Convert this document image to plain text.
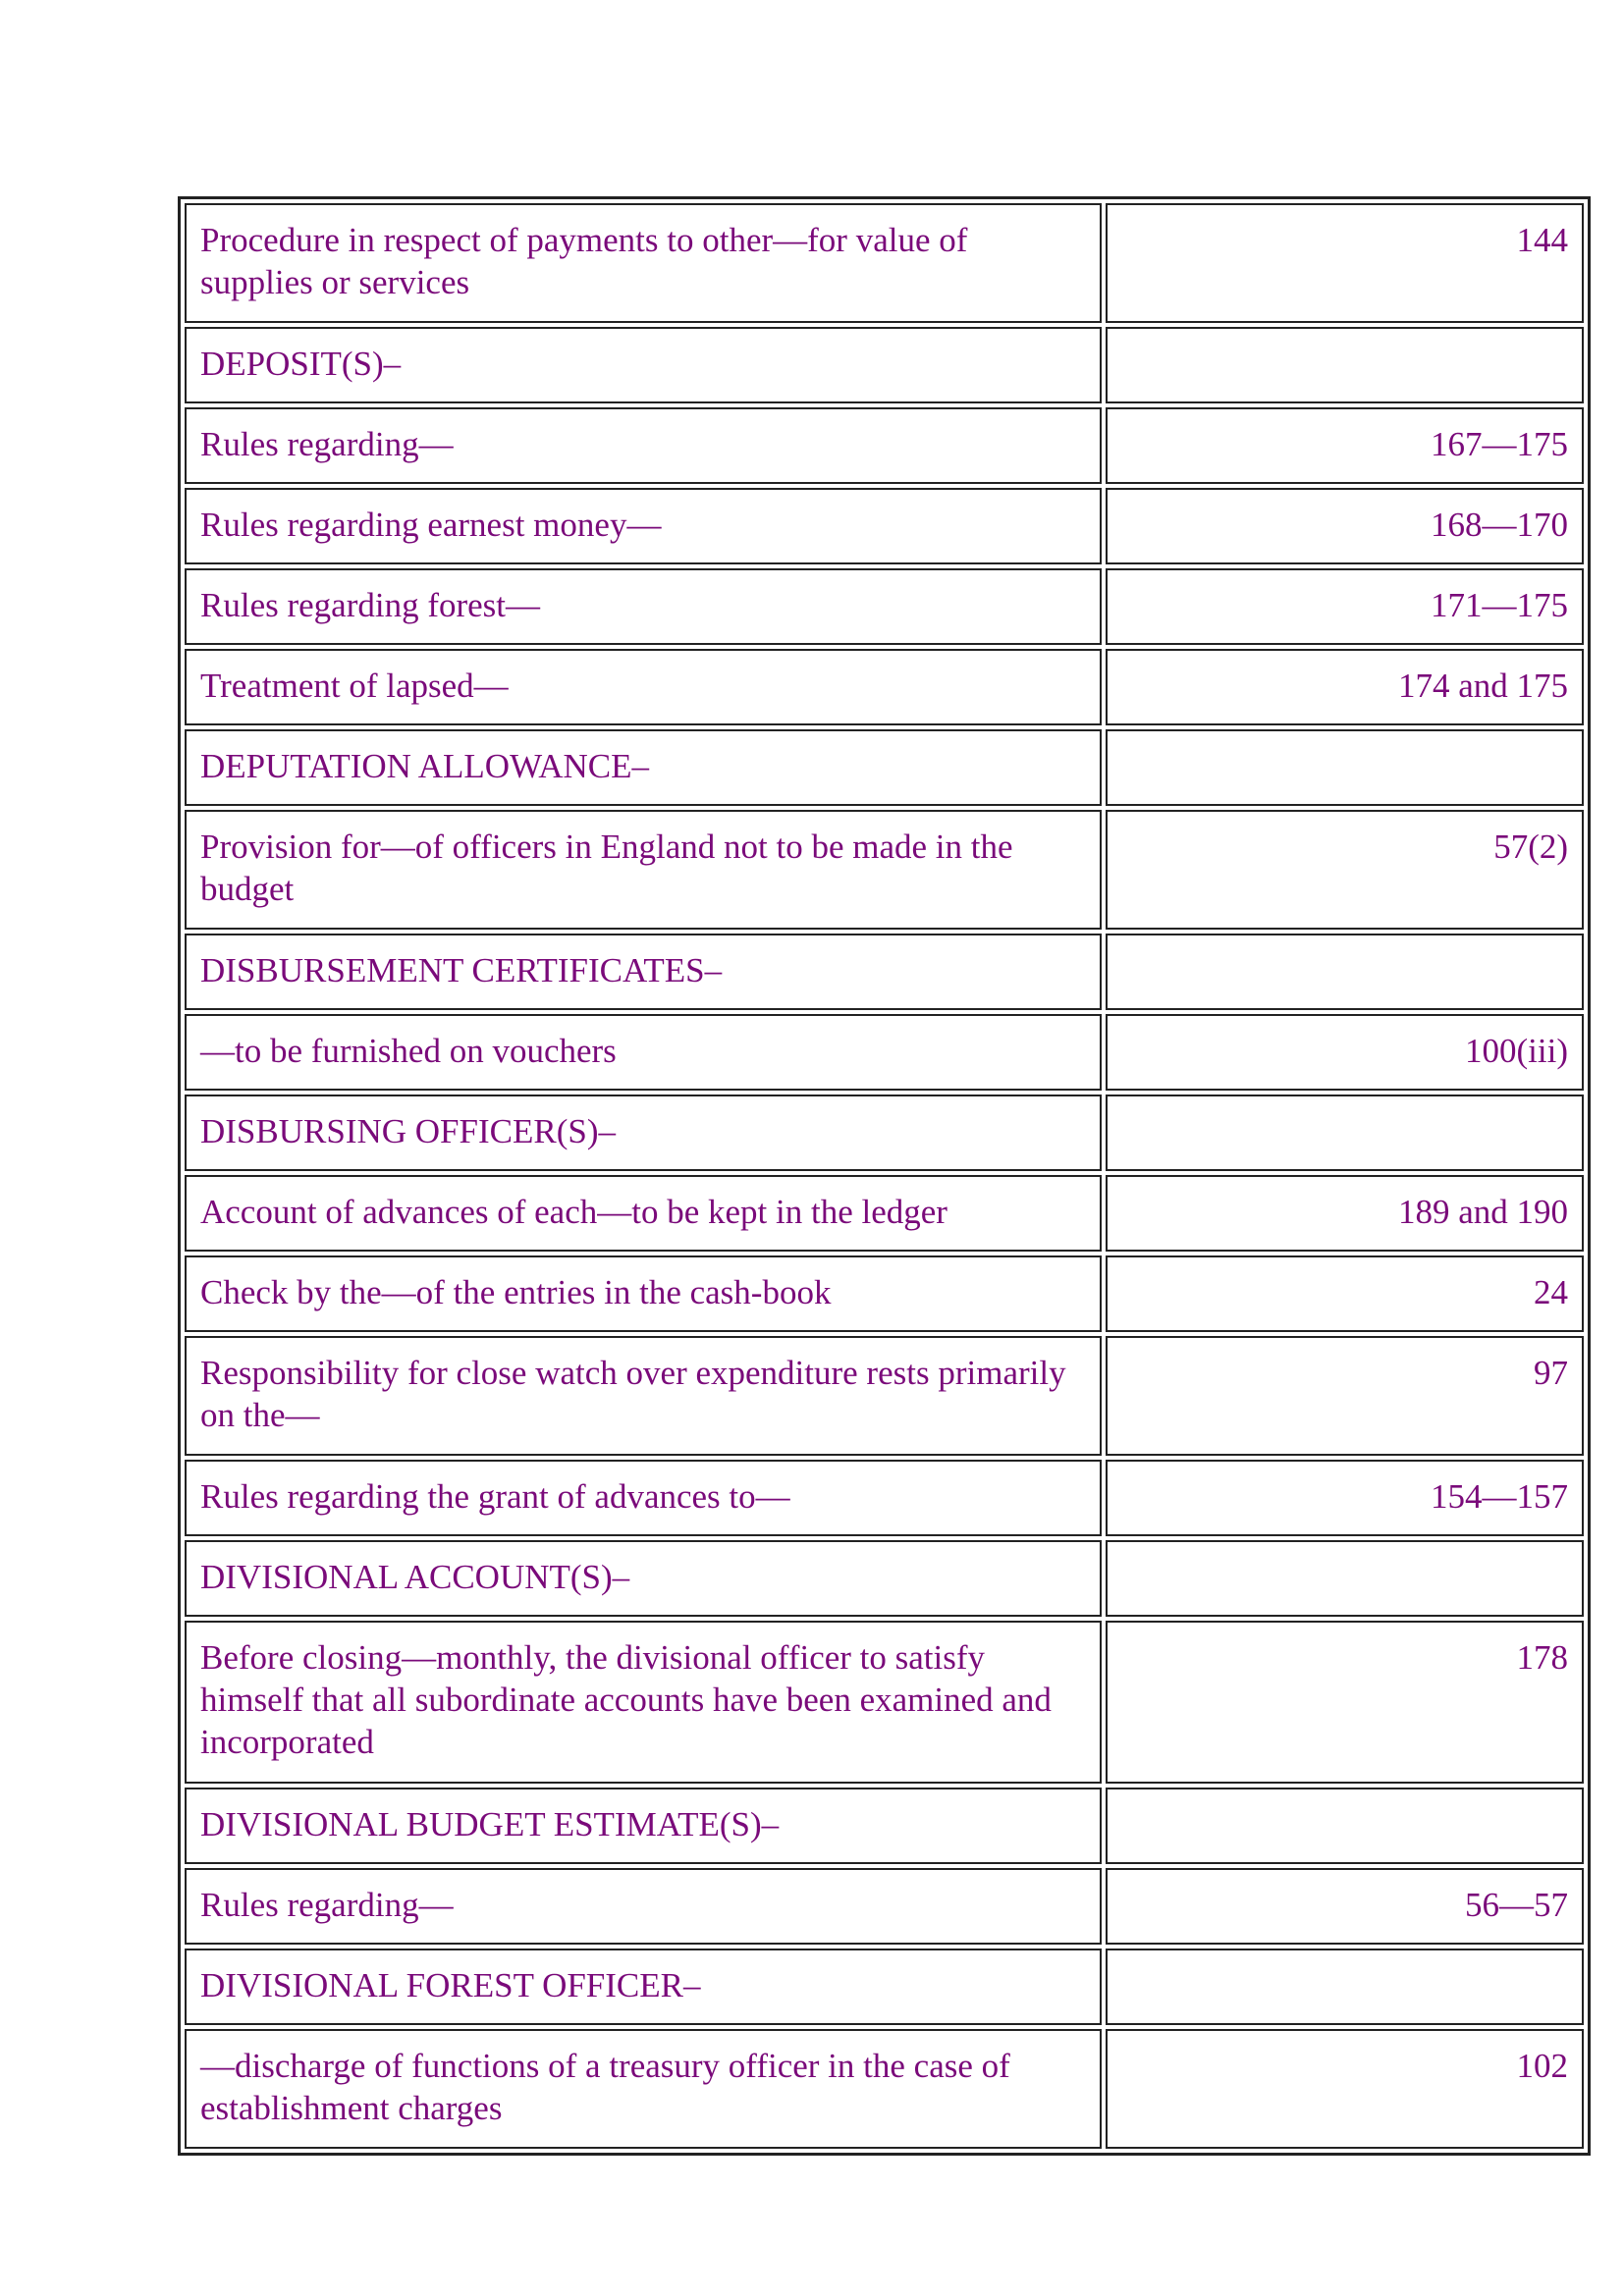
Procedure in respect of payments to other—for value of supplies or services	144
DEPOSIT(S)–	
Rules regarding—	167—175
Rules regarding earnest money—	168—170
Rules regarding forest—	171—175
Treatment of lapsed—	174 and 175
DEPUTATION ALLOWANCE–	
Provision for—of officers in England not to be made in the budget	57(2)
DISBURSEMENT CERTIFICATES–	
—to be furnished on vouchers	100(iii)
DISBURSING OFFICER(S)–	
Account of advances of each—to be kept in the ledger	189 and 190
Check by the—of the entries in the cash-book	24
Responsibility for close watch over expenditure rests primarily on the—	97
Rules regarding the grant of advances to—	154—157
DIVISIONAL ACCOUNT(S)–	
Before closing—monthly, the divisional officer to satisfy himself that all subordinate accounts have been examined and incorporated	178
DIVISIONAL BUDGET ESTIMATE(S)–	
Rules regarding—	56—57
DIVISIONAL FOREST OFFICER–	
—discharge of functions of a treasury officer in the case of establishment charges	102
